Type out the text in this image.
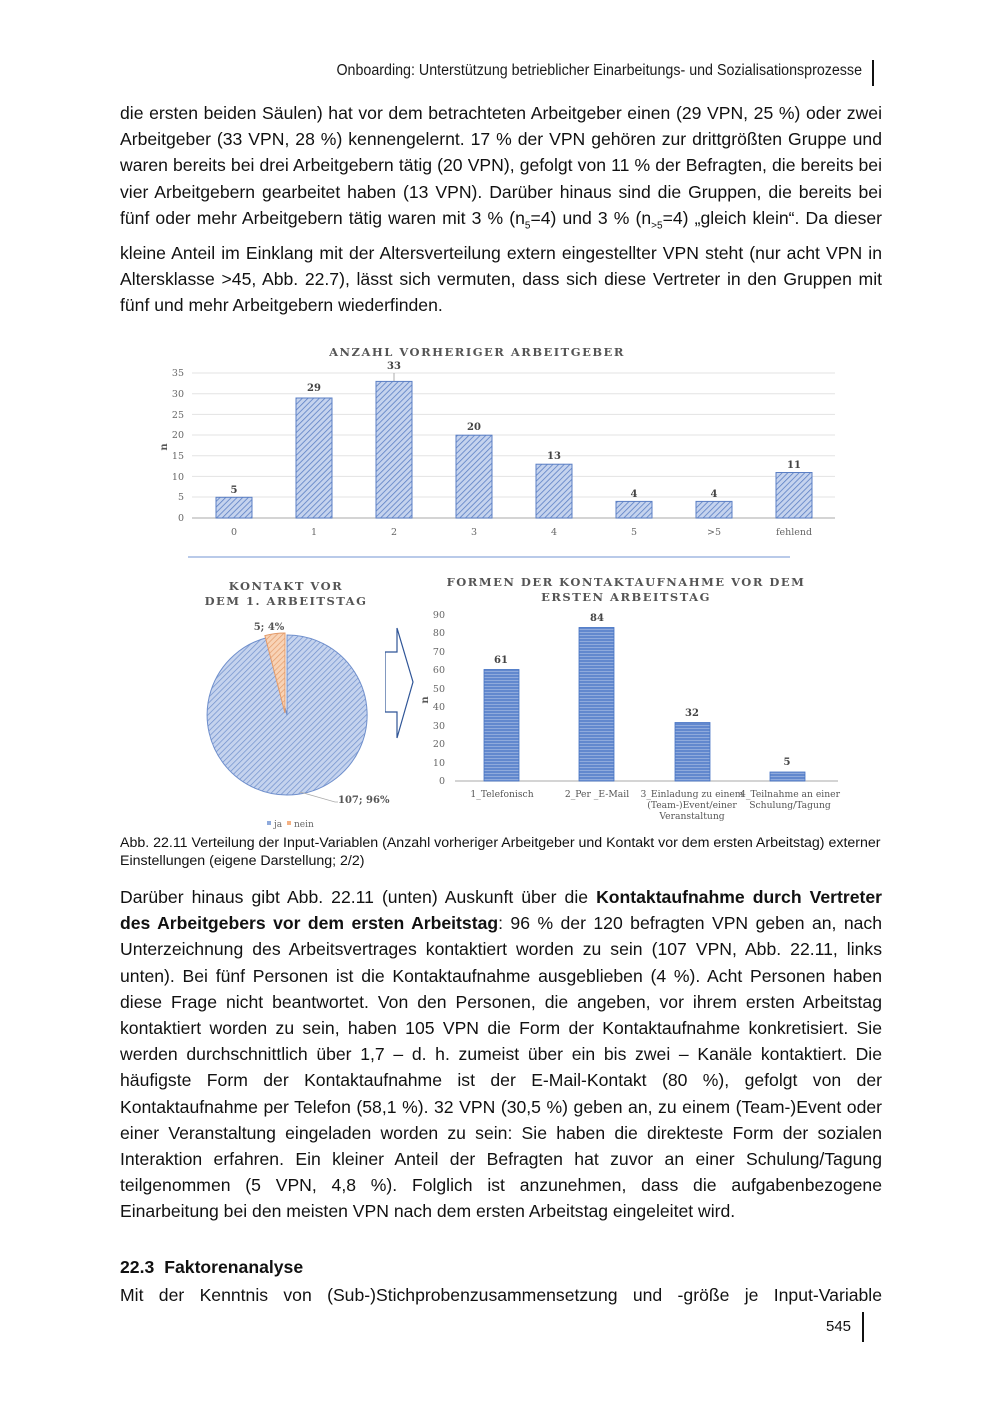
Onboarding: Unterstützung betrieblicher Einarbeitungs- und Sozialisationsprozesse
die ersten beiden Säulen) hat vor dem betrachteten Arbeitgeber einen (29 VPN, 25 %) oder zwei Arbeitgeber (33 VPN, 28 %) kennengelernt. 17 % der VPN gehören zur drittgrößten Gruppe und waren bereits bei drei Arbeitgebern tätig (20 VPN), gefolgt von 11 % der Befragten, die bereits bei vier Arbeitgebern gearbeitet haben (13 VPN). Darüber hinaus sind die Gruppen, die bereits bei fünf oder mehr Arbeitgebern tätig waren mit 3 % $(n_5=4)$ und 3 % $(n_{>5}=4)$ „gleich klein“. Da dieser kleine Anteil im Einklang mit der Altersverteilung extern eingestellter VPN steht (nur acht VPN in Altersklasse >45, Abb. 22.7), lässt sich vermuten, dass sich diese Vertreter in den Gruppen mit fünf und mehr Arbeitgebern wiederfinden.
ANZAHL VORHERIGER ARBEITGEBER
35
30
25
20
15
10
5
0
n
5
29
33
20
13
4	4
11
0	1	2	3	4	5	>5	fehlend
KONTAKT VOR
DEM 1. ARBEITSTAG
5; 4%
107; 96%
ja nein
FORMEN DER KONTAKTAUFNAHME VOR DEM
ERSTEN ARBEITSTAG
90
80
70
60
50
40
30
20
10
0
n
61
84
32
5
1_Telefonisch	2_Per _E-Mail 3_Einladung zu einem
(Team-)Event/einer
Veranstaltung
4_Teilnahme an einer
Schulung/Tagung
Abb. 22.11 Verteilung der Input-Variablen (Anzahl vorheriger Arbeitgeber und Kontakt vor dem ersten Arbeitstag) externer Einstellungen (eigene Darstellung; 2/2)
Darüber hinaus gibt Abb. 22.11 (unten) Auskunft über die Kontaktaufnahme durch Vertreter des Arbeitgebers vor dem ersten Arbeitstag: 96 % der 120 befragten VPN geben an, nach Unterzeichnung des Arbeitsvertrages kontaktiert worden zu sein (107 VPN, Abb. 22.11, links unten). Bei fünf Personen ist die Kontaktaufnahme ausgeblieben (4 %). Acht Personen haben diese Frage nicht beantwortet. Von den Personen, die angeben, vor ihrem ersten Arbeitstag kontaktiert worden zu sein, haben 105 VPN die Form der Kontaktaufnahme konkretisiert. Sie werden durchschnittlich über 1,7 – d. h. zumeist über ein bis zwei – Kanäle kontaktiert. Die häufigste Form der Kontaktaufnahme ist der E-Mail-Kontakt (80 %), gefolgt von der Kontaktaufnahme per Telefon (58,1 %). 32 VPN (30,5 %) geben an, zu einem (Team-)Event oder einer Veranstaltung eingeladen worden zu sein: Sie haben die direkteste Form der sozialen Interaktion erfahren. Ein kleiner Anteil der Befragten hat zuvor an einer Schulung/Tagung teilgenommen (5 VPN, 4,8 %). Folglich ist anzunehmen, dass die aufgabenbezogene Einarbeitung bei den meisten VPN nach dem ersten Arbeitstag eingeleitet wird.
22.3 Faktorenanalyse
Mit der Kenntnis von (Sub-)Stichprobenzusammensetzung und -größe je Input-Variable
545
